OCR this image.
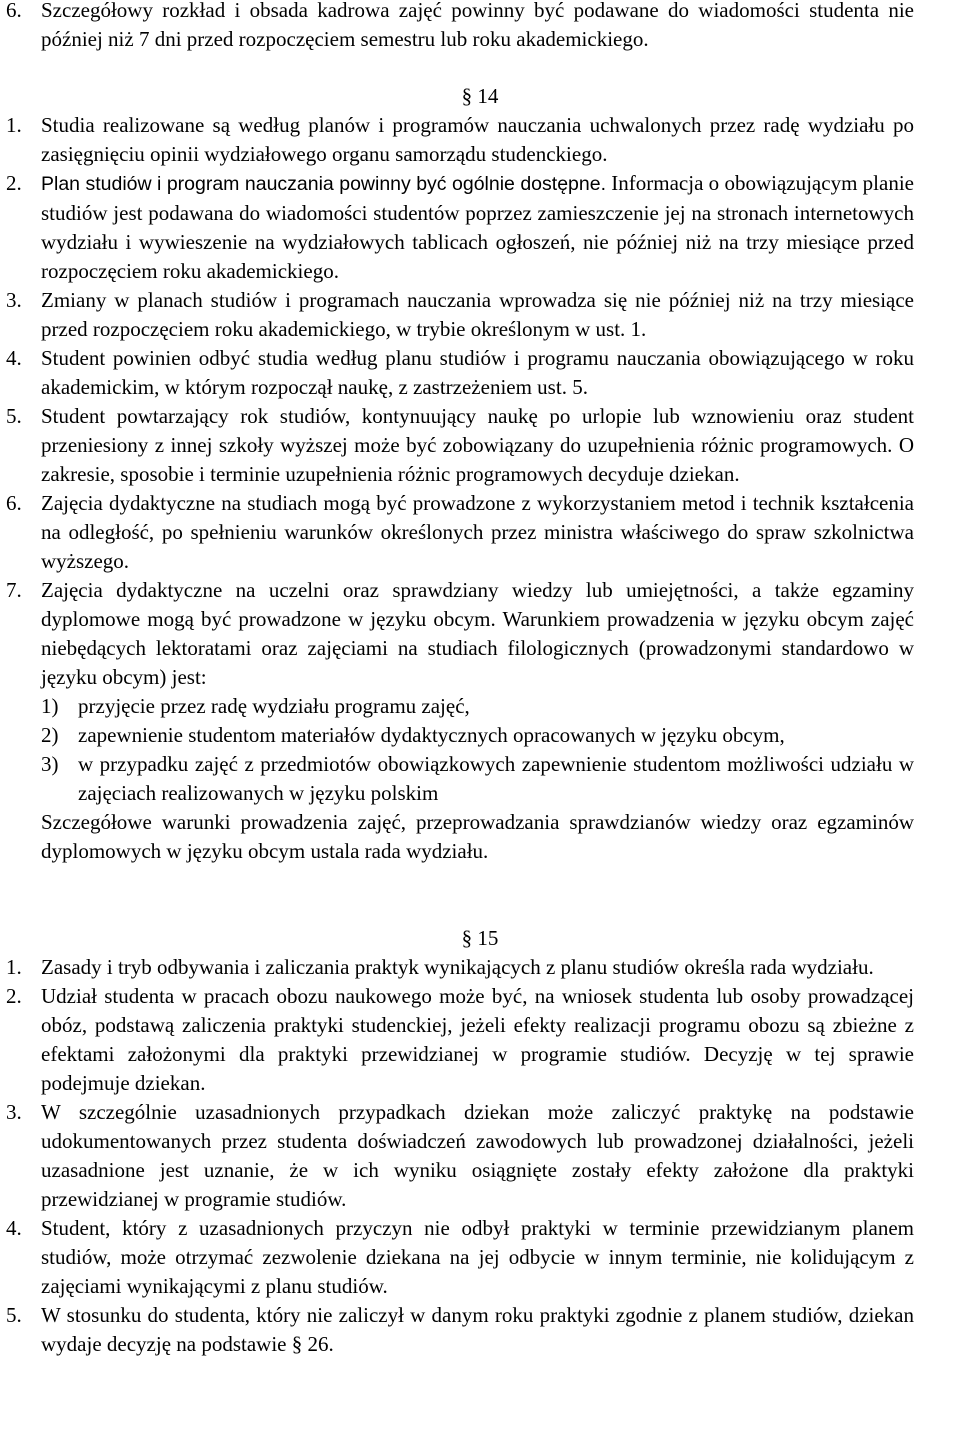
6. Szczegółowy rozkład i obsada kadrowa zajęć powinny być podawane do wiadomości studenta nie później niż 7 dni przed rozpoczęciem semestru lub roku akademickiego.
§ 14
1. Studia realizowane są według planów i programów nauczania uchwalonych przez radę wydziału po zasięgnięciu opinii wydziałowego organu samorządu studenckiego.
2. Plan studiów i program nauczania powinny być ogólnie dostępne. Informacja o obowiązującym planie studiów jest podawana do wiadomości studentów poprzez zamieszczenie jej na stronach internetowych wydziału i wywieszenie na wydziałowych tablicach ogłoszeń, nie później niż na trzy miesiące przed rozpoczęciem roku akademickiego.
3. Zmiany w planach studiów i programach nauczania wprowadza się nie później niż na trzy miesiące przed rozpoczęciem roku akademickiego, w trybie określonym w ust. 1.
4. Student powinien odbyć studia według planu studiów i programu nauczania obowiązującego w roku akademickim, w którym rozpoczął naukę, z zastrzeżeniem ust. 5.
5. Student powtarzający rok studiów, kontynuujący naukę po urlopie lub wznowieniu oraz student przeniesiony z innej szkoły wyższej może być zobowiązany do uzupełnienia różnic programowych. O zakresie, sposobie i terminie uzupełnienia różnic programowych decyduje dziekan.
6. Zajęcia dydaktyczne na studiach mogą być prowadzone z wykorzystaniem metod i technik kształcenia na odległość, po spełnieniu warunków określonych przez ministra właściwego do spraw szkolnictwa wyższego.
7. Zajęcia dydaktyczne na uczelni oraz sprawdziany wiedzy lub umiejętności, a także egzaminy dyplomowe mogą być prowadzone w języku obcym. Warunkiem prowadzenia w języku obcym zajęć niebędących lektoratami oraz zajęciami na studiach filologicznych (prowadzonymi standardowo w języku obcym) jest:
1) przyjęcie przez radę wydziału programu zajęć,
2) zapewnienie studentom materiałów dydaktycznych opracowanych w języku obcym,
3) w przypadku zajęć z przedmiotów obowiązkowych zapewnienie studentom możliwości udziału w zajęciach realizowanych w języku polskim
Szczegółowe warunki prowadzenia zajęć, przeprowadzania sprawdzianów wiedzy oraz egzaminów dyplomowych w języku obcym ustala rada wydziału.
§ 15
1. Zasady i tryb odbywania i zaliczania praktyk wynikających z planu studiów określa rada wydziału.
2. Udział studenta w pracach obozu naukowego może być, na wniosek studenta lub osoby prowadzącej obóz, podstawą zaliczenia praktyki studenckiej, jeżeli efekty realizacji programu obozu są zbieżne z efektami założonymi dla praktyki przewidzianej w programie studiów. Decyzję w tej sprawie podejmuje dziekan.
3. W szczególnie uzasadnionych przypadkach dziekan może zaliczyć praktykę na podstawie udokumentowanych przez studenta doświadczeń zawodowych lub prowadzonej działalności, jeżeli uzasadnione jest uznanie, że w ich wyniku osiągnięte zostały efekty założone dla praktyki przewidzianej w programie studiów.
4. Student, który z uzasadnionych przyczyn nie odbył praktyki w terminie przewidzianym planem studiów, może otrzymać zezwolenie dziekana na jej odbycie w innym terminie, nie kolidującym z zajęciami wynikającymi z planu studiów.
5. W stosunku do studenta, który nie zaliczył w danym roku praktyki zgodnie z planem studiów, dziekan wydaje decyzję na podstawie § 26.
